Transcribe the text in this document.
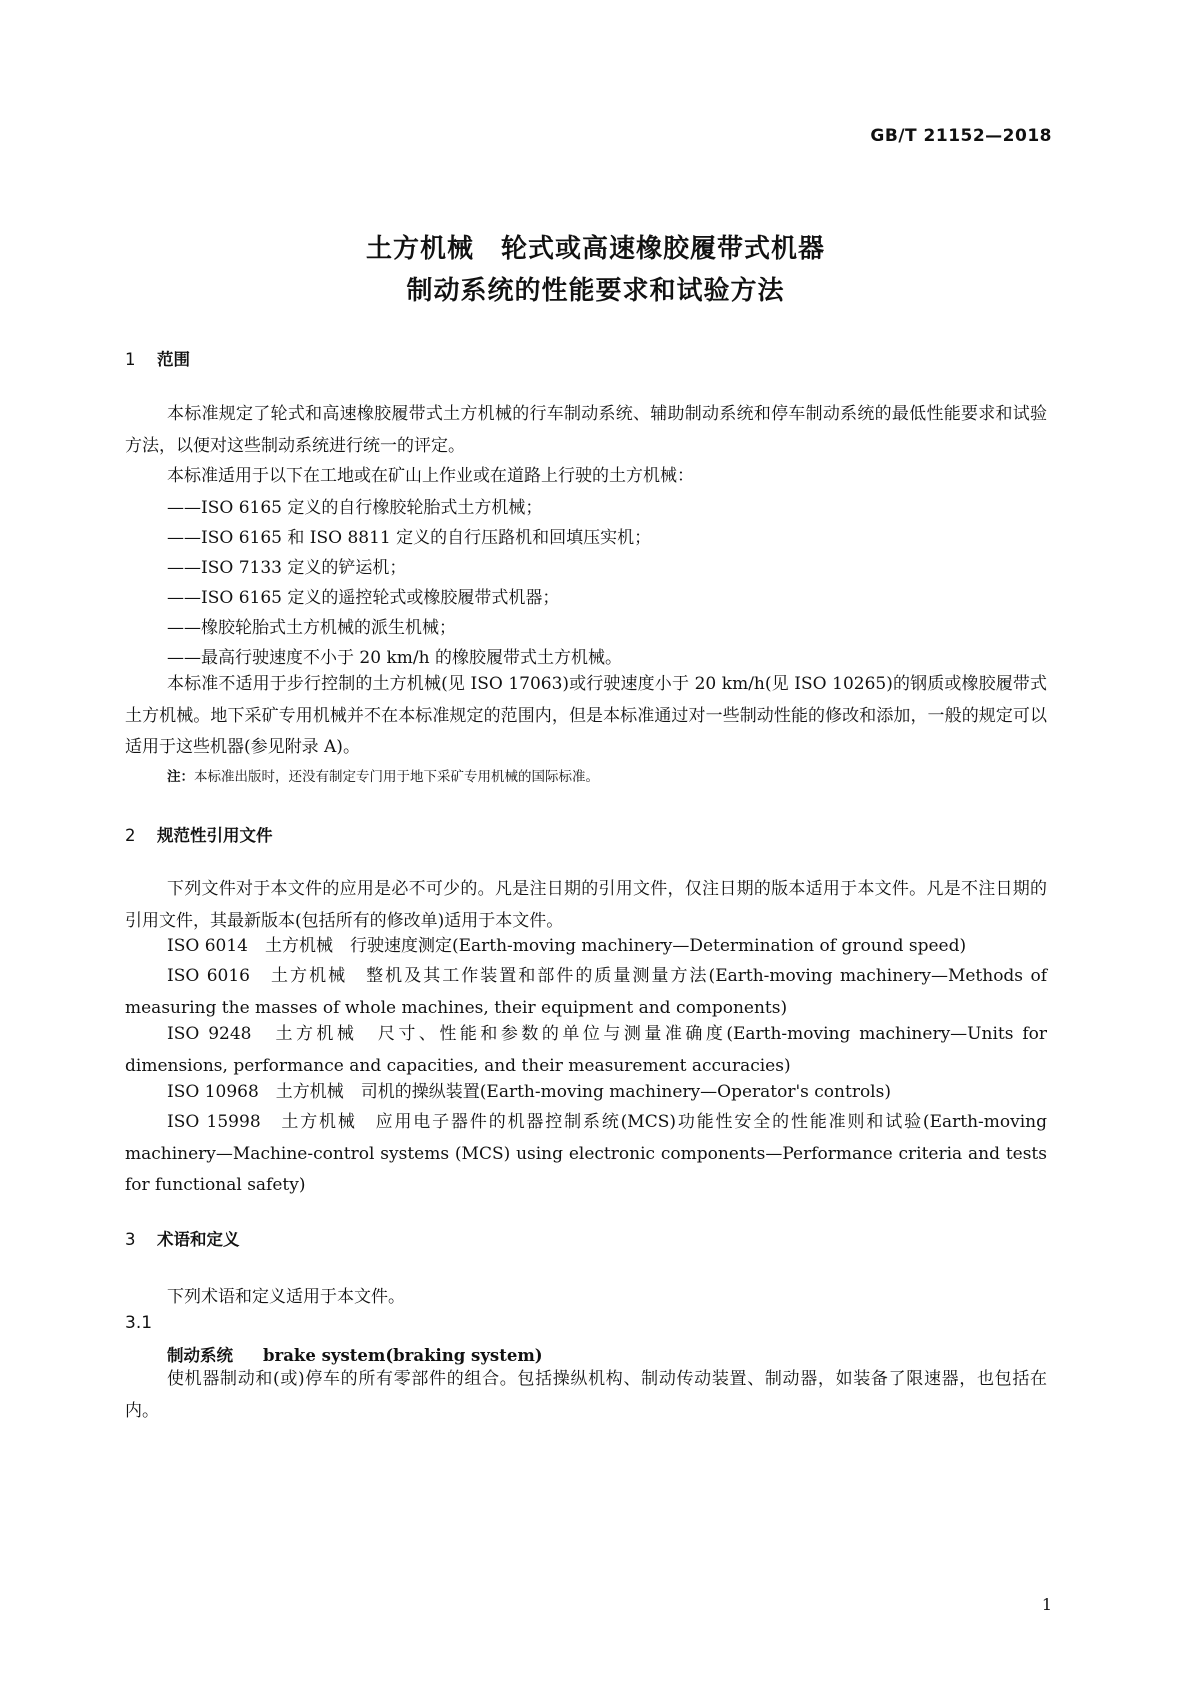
GB/T 21152—2018
土方机械　轮式或高速橡胶履带式机器
制动系统的性能要求和试验方法
1 范围
本标准规定了轮式和高速橡胶履带式土方机械的行车制动系统、辅助制动系统和停车制动系统的最低性能要求和试验方法，以便对这些制动系统进行统一的评定。
本标准适用于以下在工地或在矿山上作业或在道路上行驶的土方机械：
——ISO 6165 定义的自行橡胶轮胎式土方机械；
——ISO 6165 和 ISO 8811 定义的自行压路机和回填压实机；
——ISO 7133 定义的铲运机；
——ISO 6165 定义的遥控轮式或橡胶履带式机器；
——橡胶轮胎式土方机械的派生机械；
——最高行驶速度不小于 20 km/h 的橡胶履带式土方机械。
本标准不适用于步行控制的土方机械(见 ISO 17063)或行驶速度小于 20 km/h(见 ISO 10265)的钢质或橡胶履带式土方机械。地下采矿专用机械并不在本标准规定的范围内，但是本标准通过对一些制动性能的修改和添加，一般的规定可以适用于这些机器(参见附录 A)。
注：本标准出版时，还没有制定专门用于地下采矿专用机械的国际标准。
2 规范性引用文件
下列文件对于本文件的应用是必不可少的。凡是注日期的引用文件，仅注日期的版本适用于本文件。凡是不注日期的引用文件，其最新版本(包括所有的修改单)适用于本文件。
ISO 6014　土方机械　行驶速度测定(Earth-moving machinery—Determination of ground speed)
ISO 6016　土方机械　整机及其工作装置和部件的质量测量方法(Earth-moving machinery—Methods of measuring the masses of whole machines, their equipment and components)
ISO 9248　土方机械　尺寸、性能和参数的单位与测量准确度(Earth-moving machinery—Units for dimensions, performance and capacities, and their measurement accuracies)
ISO 10968　土方机械　司机的操纵装置(Earth-moving machinery—Operator's controls)
ISO 15998　土方机械　应用电子器件的机器控制系统(MCS)功能性安全的性能准则和试验(Earth-moving machinery—Machine-control systems (MCS) using electronic components—Performance criteria and tests for functional safety)
3 术语和定义
下列术语和定义适用于本文件。
3.1
制动系统 brake system(braking system)
使机器制动和(或)停车的所有零部件的组合。包括操纵机构、制动传动装置、制动器，如装备了限速器，也包括在内。
1
